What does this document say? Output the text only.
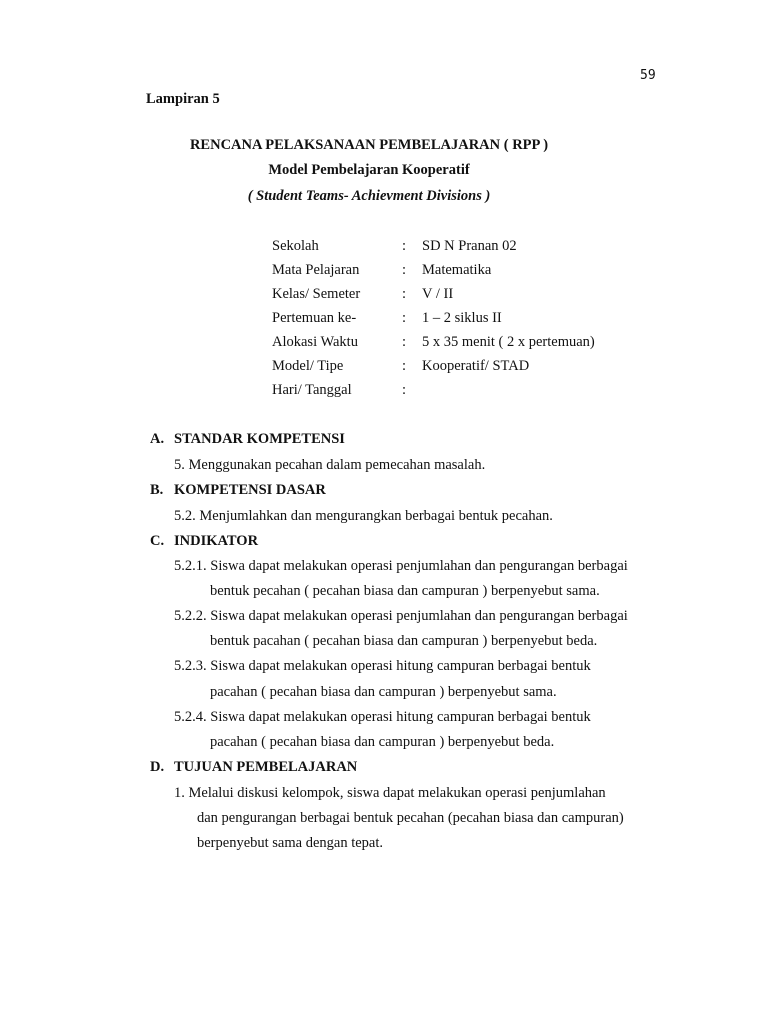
59
Lampiran 5
RENCANA PELAKSANAAN PEMBELAJARAN ( RPP )
Model Pembelajaran Kooperatif
( Student Teams- Achievment Divisions )
Sekolah	:	SD N Pranan 02
Mata Pelajaran	:	Matematika
Kelas/ Semeter	:	V / II
Pertemuan ke-	:	1 – 2 siklus II
Alokasi Waktu	:	5 x 35 menit ( 2 x pertemuan)
Model/ Tipe	:	Kooperatif/ STAD
Hari/ Tanggal	:
A. STANDAR KOMPETENSI
5. Menggunakan pecahan dalam pemecahan masalah.
B. KOMPETENSI DASAR
5.2. Menjumlahkan dan mengurangkan berbagai bentuk pecahan.
C. INDIKATOR
5.2.1. Siswa dapat melakukan operasi penjumlahan dan pengurangan berbagai
bentuk pecahan ( pecahan biasa dan campuran ) berpenyebut sama.
5.2.2. Siswa dapat melakukan operasi penjumlahan dan pengurangan berbagai
bentuk pacahan ( pecahan biasa dan campuran ) berpenyebut beda.
5.2.3. Siswa dapat melakukan operasi hitung campuran berbagai bentuk
pacahan ( pecahan biasa dan campuran ) berpenyebut sama.
5.2.4. Siswa dapat melakukan operasi hitung campuran berbagai bentuk
pacahan ( pecahan biasa dan campuran ) berpenyebut beda.
D. TUJUAN PEMBELAJARAN
1. Melalui diskusi kelompok, siswa dapat melakukan operasi penjumlahan
dan pengurangan berbagai bentuk pecahan (pecahan biasa dan campuran)
berpenyebut sama dengan tepat.
